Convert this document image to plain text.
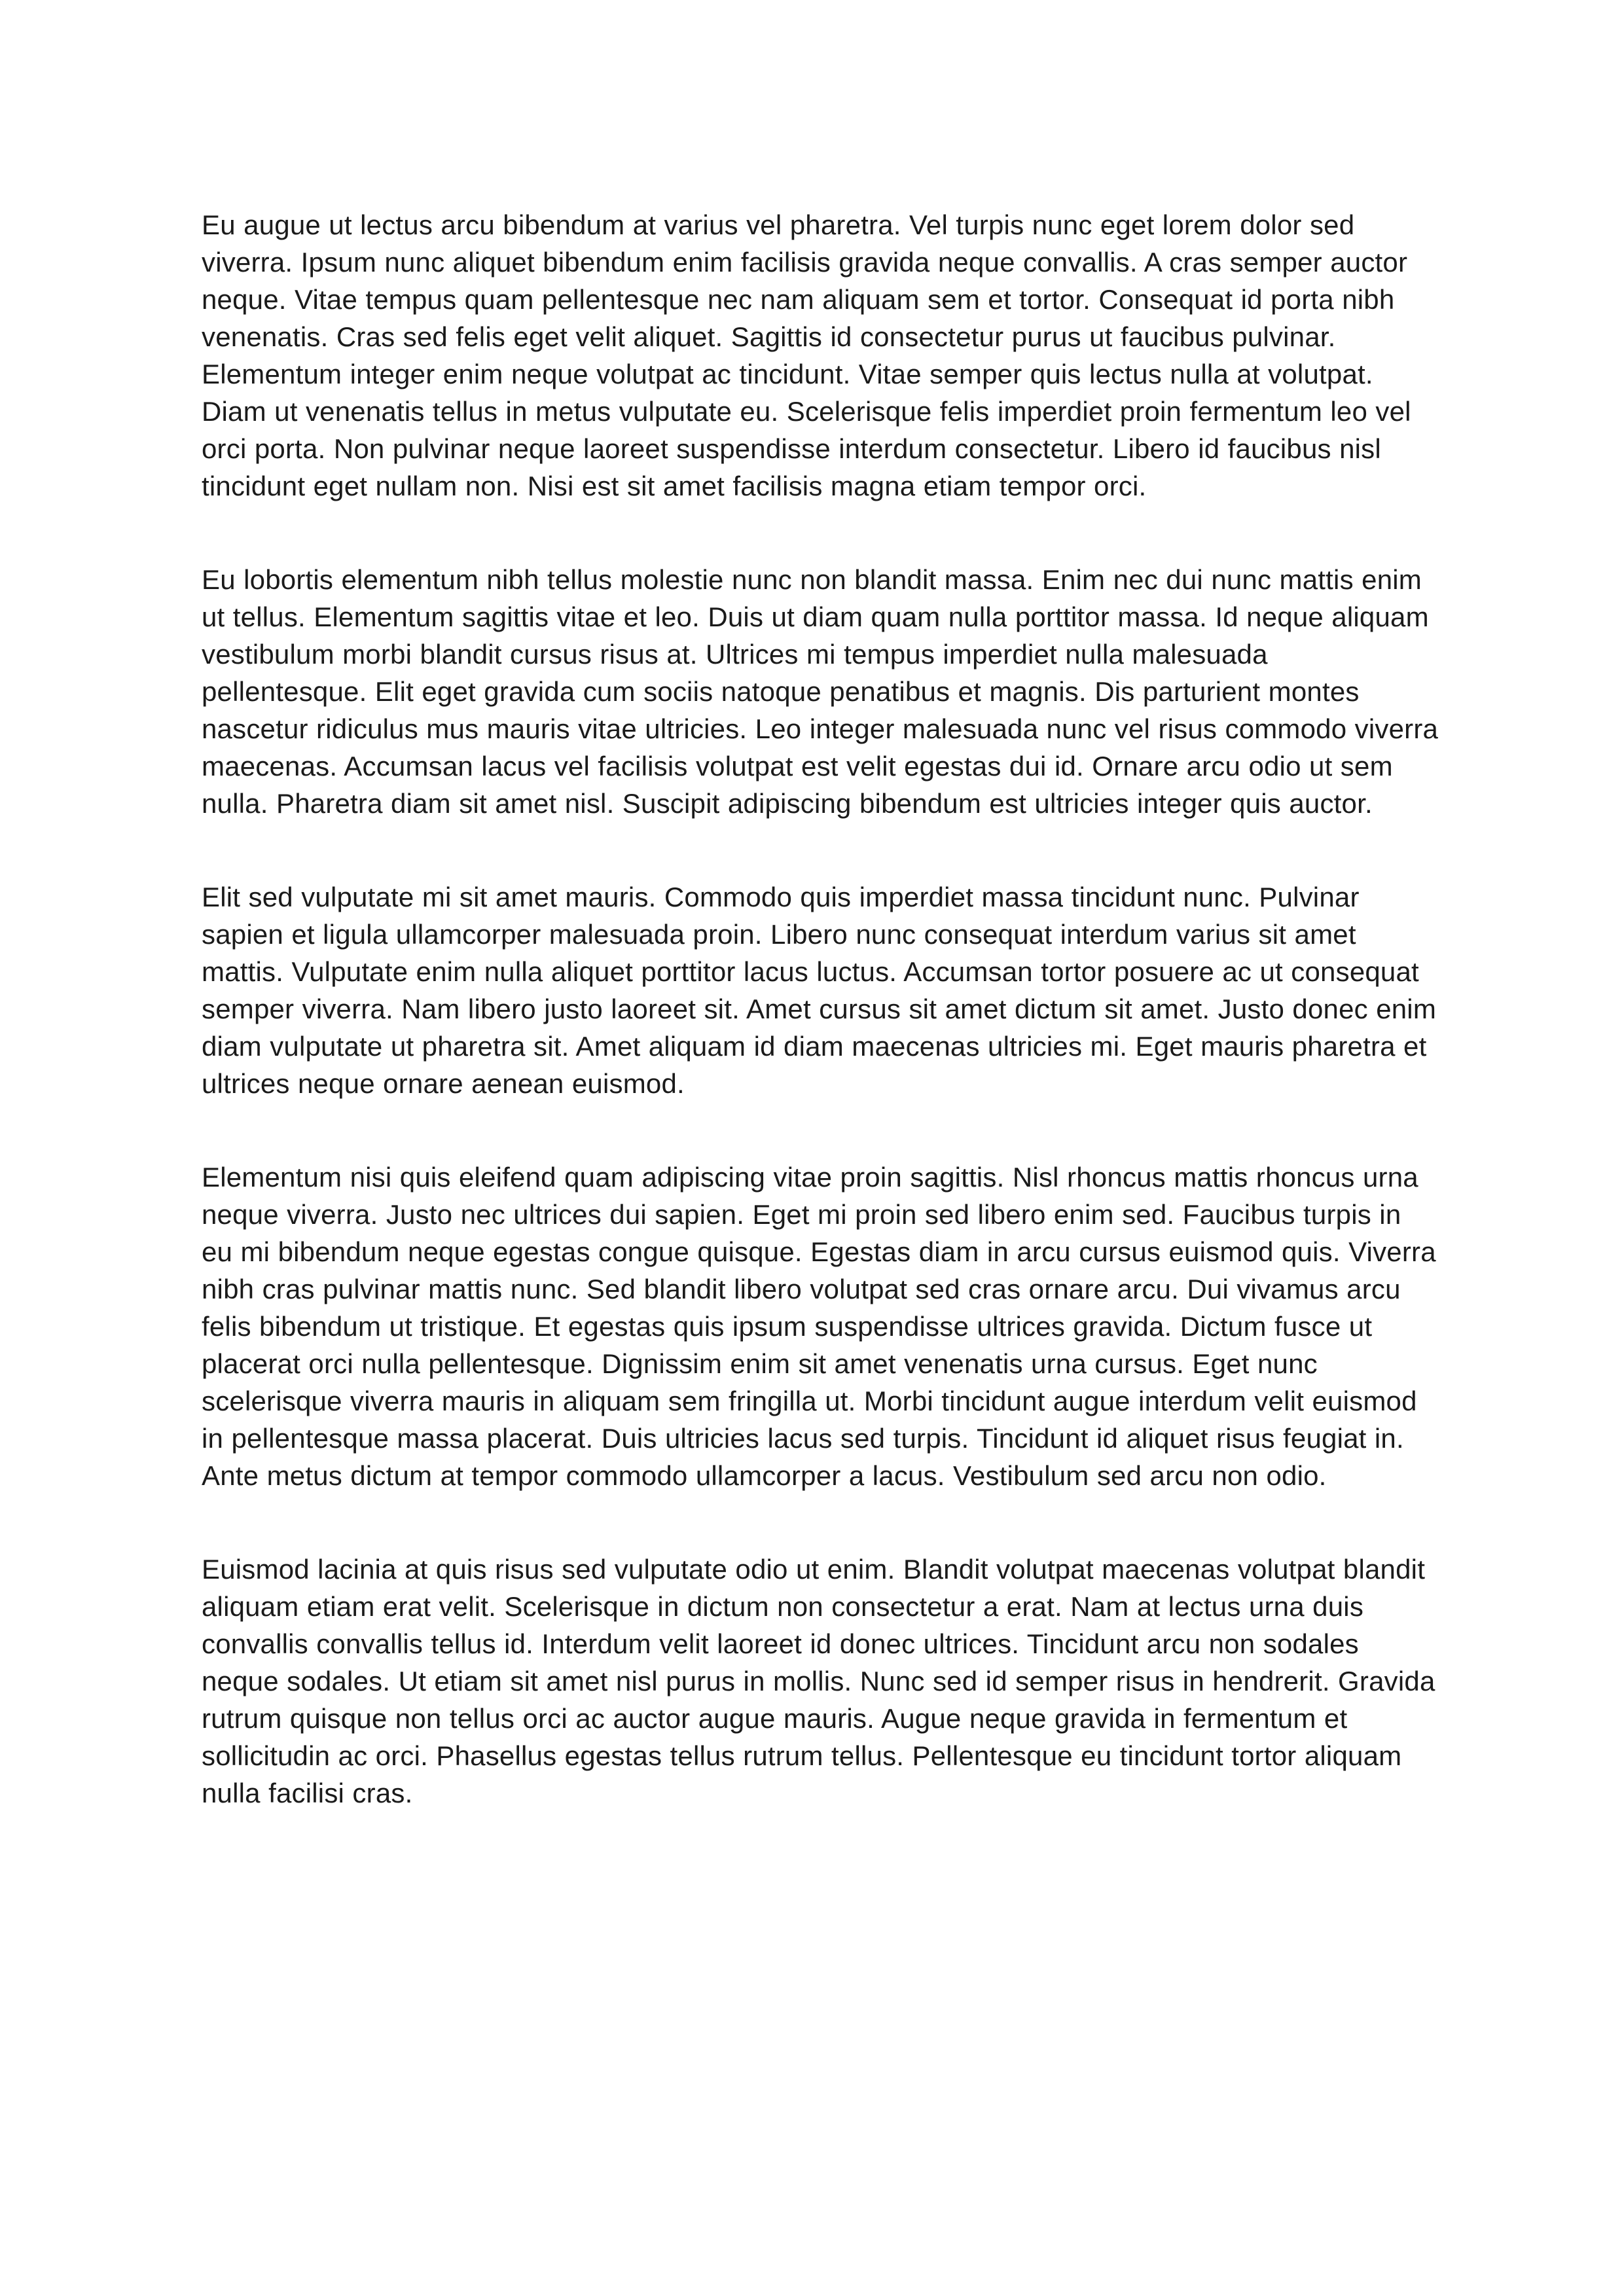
Eu augue ut lectus arcu bibendum at varius vel pharetra. Vel turpis nunc eget lorem dolor sed viverra. Ipsum nunc aliquet bibendum enim facilisis gravida neque convallis. A cras semper auctor neque. Vitae tempus quam pellentesque nec nam aliquam sem et tortor. Consequat id porta nibh venenatis. Cras sed felis eget velit aliquet. Sagittis id consectetur purus ut faucibus pulvinar. Elementum integer enim neque volutpat ac tincidunt. Vitae semper quis lectus nulla at volutpat. Diam ut venenatis tellus in metus vulputate eu. Scelerisque felis imperdiet proin fermentum leo vel orci porta. Non pulvinar neque laoreet suspendisse interdum consectetur. Libero id faucibus nisl tincidunt eget nullam non. Nisi est sit amet facilisis magna etiam tempor orci.

Eu lobortis elementum nibh tellus molestie nunc non blandit massa. Enim nec dui nunc mattis enim ut tellus. Elementum sagittis vitae et leo. Duis ut diam quam nulla porttitor massa. Id neque aliquam vestibulum morbi blandit cursus risus at. Ultrices mi tempus imperdiet nulla malesuada pellentesque. Elit eget gravida cum sociis natoque penatibus et magnis. Dis parturient montes nascetur ridiculus mus mauris vitae ultricies. Leo integer malesuada nunc vel risus commodo viverra maecenas. Accumsan lacus vel facilisis volutpat est velit egestas dui id. Ornare arcu odio ut sem nulla. Pharetra diam sit amet nisl. Suscipit adipiscing bibendum est ultricies integer quis auctor.

Elit sed vulputate mi sit amet mauris. Commodo quis imperdiet massa tincidunt nunc. Pulvinar sapien et ligula ullamcorper malesuada proin. Libero nunc consequat interdum varius sit amet mattis. Vulputate enim nulla aliquet porttitor lacus luctus. Accumsan tortor posuere ac ut consequat semper viverra. Nam libero justo laoreet sit. Amet cursus sit amet dictum sit amet. Justo donec enim diam vulputate ut pharetra sit. Amet aliquam id diam maecenas ultricies mi. Eget mauris pharetra et ultrices neque ornare aenean euismod.

Elementum nisi quis eleifend quam adipiscing vitae proin sagittis. Nisl rhoncus mattis rhoncus urna neque viverra. Justo nec ultrices dui sapien. Eget mi proin sed libero enim sed. Faucibus turpis in eu mi bibendum neque egestas congue quisque. Egestas diam in arcu cursus euismod quis. Viverra nibh cras pulvinar mattis nunc. Sed blandit libero volutpat sed cras ornare arcu. Dui vivamus arcu felis bibendum ut tristique. Et egestas quis ipsum suspendisse ultrices gravida. Dictum fusce ut placerat orci nulla pellentesque. Dignissim enim sit amet venenatis urna cursus. Eget nunc scelerisque viverra mauris in aliquam sem fringilla ut. Morbi tincidunt augue interdum velit euismod in pellentesque massa placerat. Duis ultricies lacus sed turpis. Tincidunt id aliquet risus feugiat in. Ante metus dictum at tempor commodo ullamcorper a lacus. Vestibulum sed arcu non odio.

Euismod lacinia at quis risus sed vulputate odio ut enim. Blandit volutpat maecenas volutpat blandit aliquam etiam erat velit. Scelerisque in dictum non consectetur a erat. Nam at lectus urna duis convallis convallis tellus id. Interdum velit laoreet id donec ultrices. Tincidunt arcu non sodales neque sodales. Ut etiam sit amet nisl purus in mollis. Nunc sed id semper risus in hendrerit. Gravida rutrum quisque non tellus orci ac auctor augue mauris. Augue neque gravida in fermentum et sollicitudin ac orci. Phasellus egestas tellus rutrum tellus. Pellentesque eu tincidunt tortor aliquam nulla facilisi cras.
